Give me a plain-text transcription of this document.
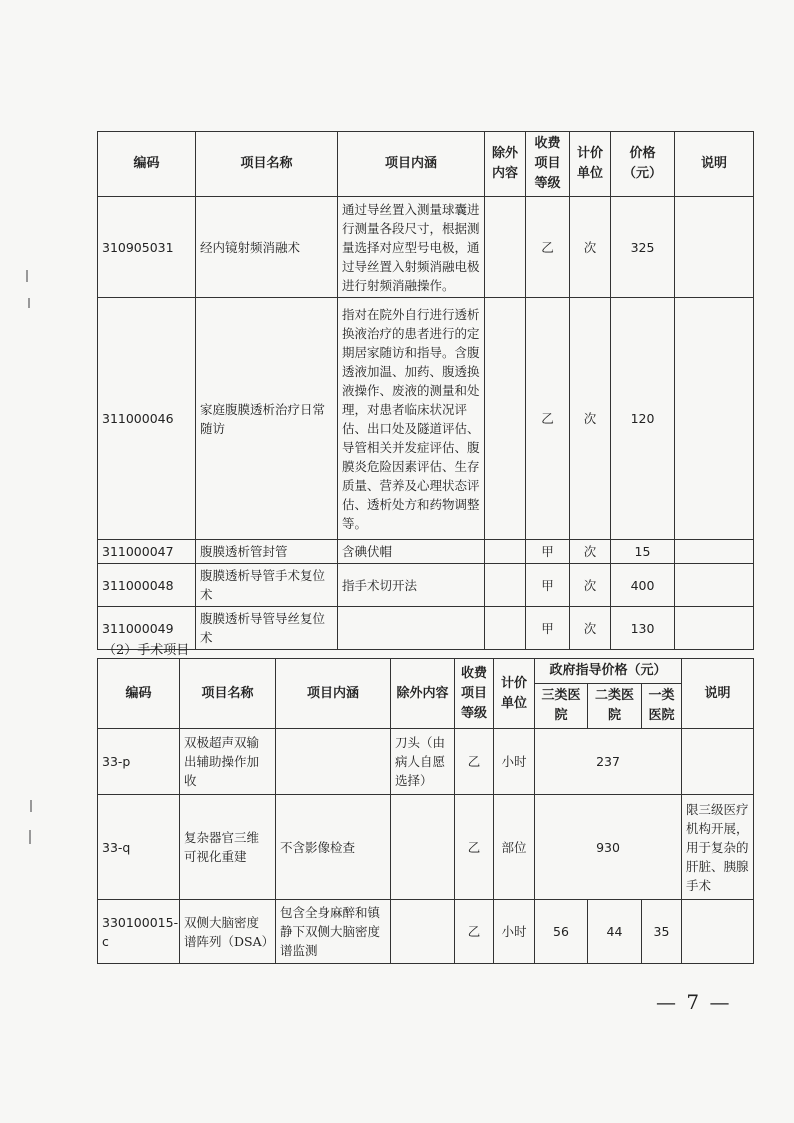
编码	项目名称	项目内涵	除外内容	收费项目等级	计价单位	价格（元）	说明
310905031	经内镜射频消融术	通过导丝置入测量球囊进行测量各段尺寸，根据测量选择对应型号电极，通过导丝置入射频消融电极进行射频消融操作。		乙	次	325	
311000046	家庭腹膜透析治疗日常随访	指对在院外自行进行透析换液治疗的患者进行的定期居家随访和指导。含腹透液加温、加药、腹透换液操作、废液的测量和处理，对患者临床状况评估、出口处及隧道评估、导管相关并发症评估、腹膜炎危险因素评估、生存质量、营养及心理状态评估、透析处方和药物调整等。		乙	次	120	
311000047	腹膜透析管封管	含碘伏帽		甲	次	15	
311000048	腹膜透析导管手术复位术	指手术切开法		甲	次	400	
311000049	腹膜透析导管导丝复位术			甲	次	130	
（2）手术项目
编码	项目名称	项目内涵	除外内容	收费项目等级	计价单位	政府指导价格（元）			说明
						三类医院	二类医院	一类医院	
33-p	双极超声双输出辅助操作加收		刀头（由病人自愿选择）	乙	小时	237			
33-q	复杂器官三维可视化重建	不含影像检查		乙	部位	930			限三级医疗机构开展，用于复杂的肝脏、胰腺手术
330100015-c	双侧大脑密度谱阵列（DSA）	包含全身麻醉和镇静下双侧大脑密度谱监测		乙	小时	56	44	35	
— 7 —
